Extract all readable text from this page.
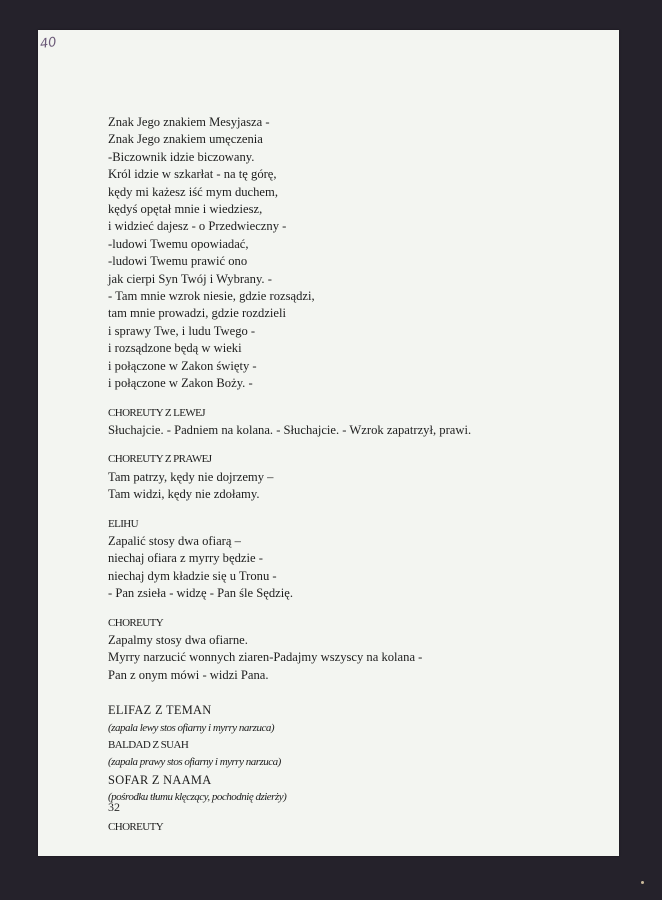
40
Znak Jego znakiem Mesyjasza -
Znak Jego znakiem umęczenia
-Biczownik idzie biczowany.
Król idzie w szkarłat - na tę górę,
kędy mi każesz iść mym duchem,
kędyś opętał mnie i wiedziesz,
i widzieć dajesz - o Przedwieczny -
-ludowi Twemu opowiadać,
-ludowi Twemu prawić ono
jak cierpi Syn Twój i Wybrany. -
- Tam mnie wzrok niesie, gdzie rozsądzi,
tam mnie prowadzi, gdzie rozdzieli
i sprawy Twe, i ludu Twego -
i rozsądzone będą w wieki
i połączone w Zakon święty -
i połączone w Zakon Boży. -
CHOREUTY Z LEWEJ
Słuchajcie. - Padniem na kolana. - Słuchajcie. - Wzrok zapatrzył, prawi.
CHOREUTY Z PRAWEJ
Tam patrzy, kędy nie dojrzemy –
Tam widzi, kędy nie zdołamy.
ELIHU
Zapalić stosy dwa ofiarą –
niechaj ofiara z myrry będzie -
niechaj dym kładzie się u Tronu -
- Pan zsieła - widzę - Pan śle Sędzię.
CHOREUTY
Zapalmy stosy dwa ofiarne.
Myrry narzucić wonnych ziaren-Padajmy wszyscy na kolana -
Pan z onym mówi - widzi Pana.
ELIFAZ Z TEMAN
(zapala lewy stos ofiarny i myrry narzuca)
BALDAD Z SUAH
(zapala prawy stos ofiarny i myrry narzuca)
SOFAR Z NAAMA
(pośrodku tłumu klęczący, pochodnię dzierży)
CHOREUTY
32
